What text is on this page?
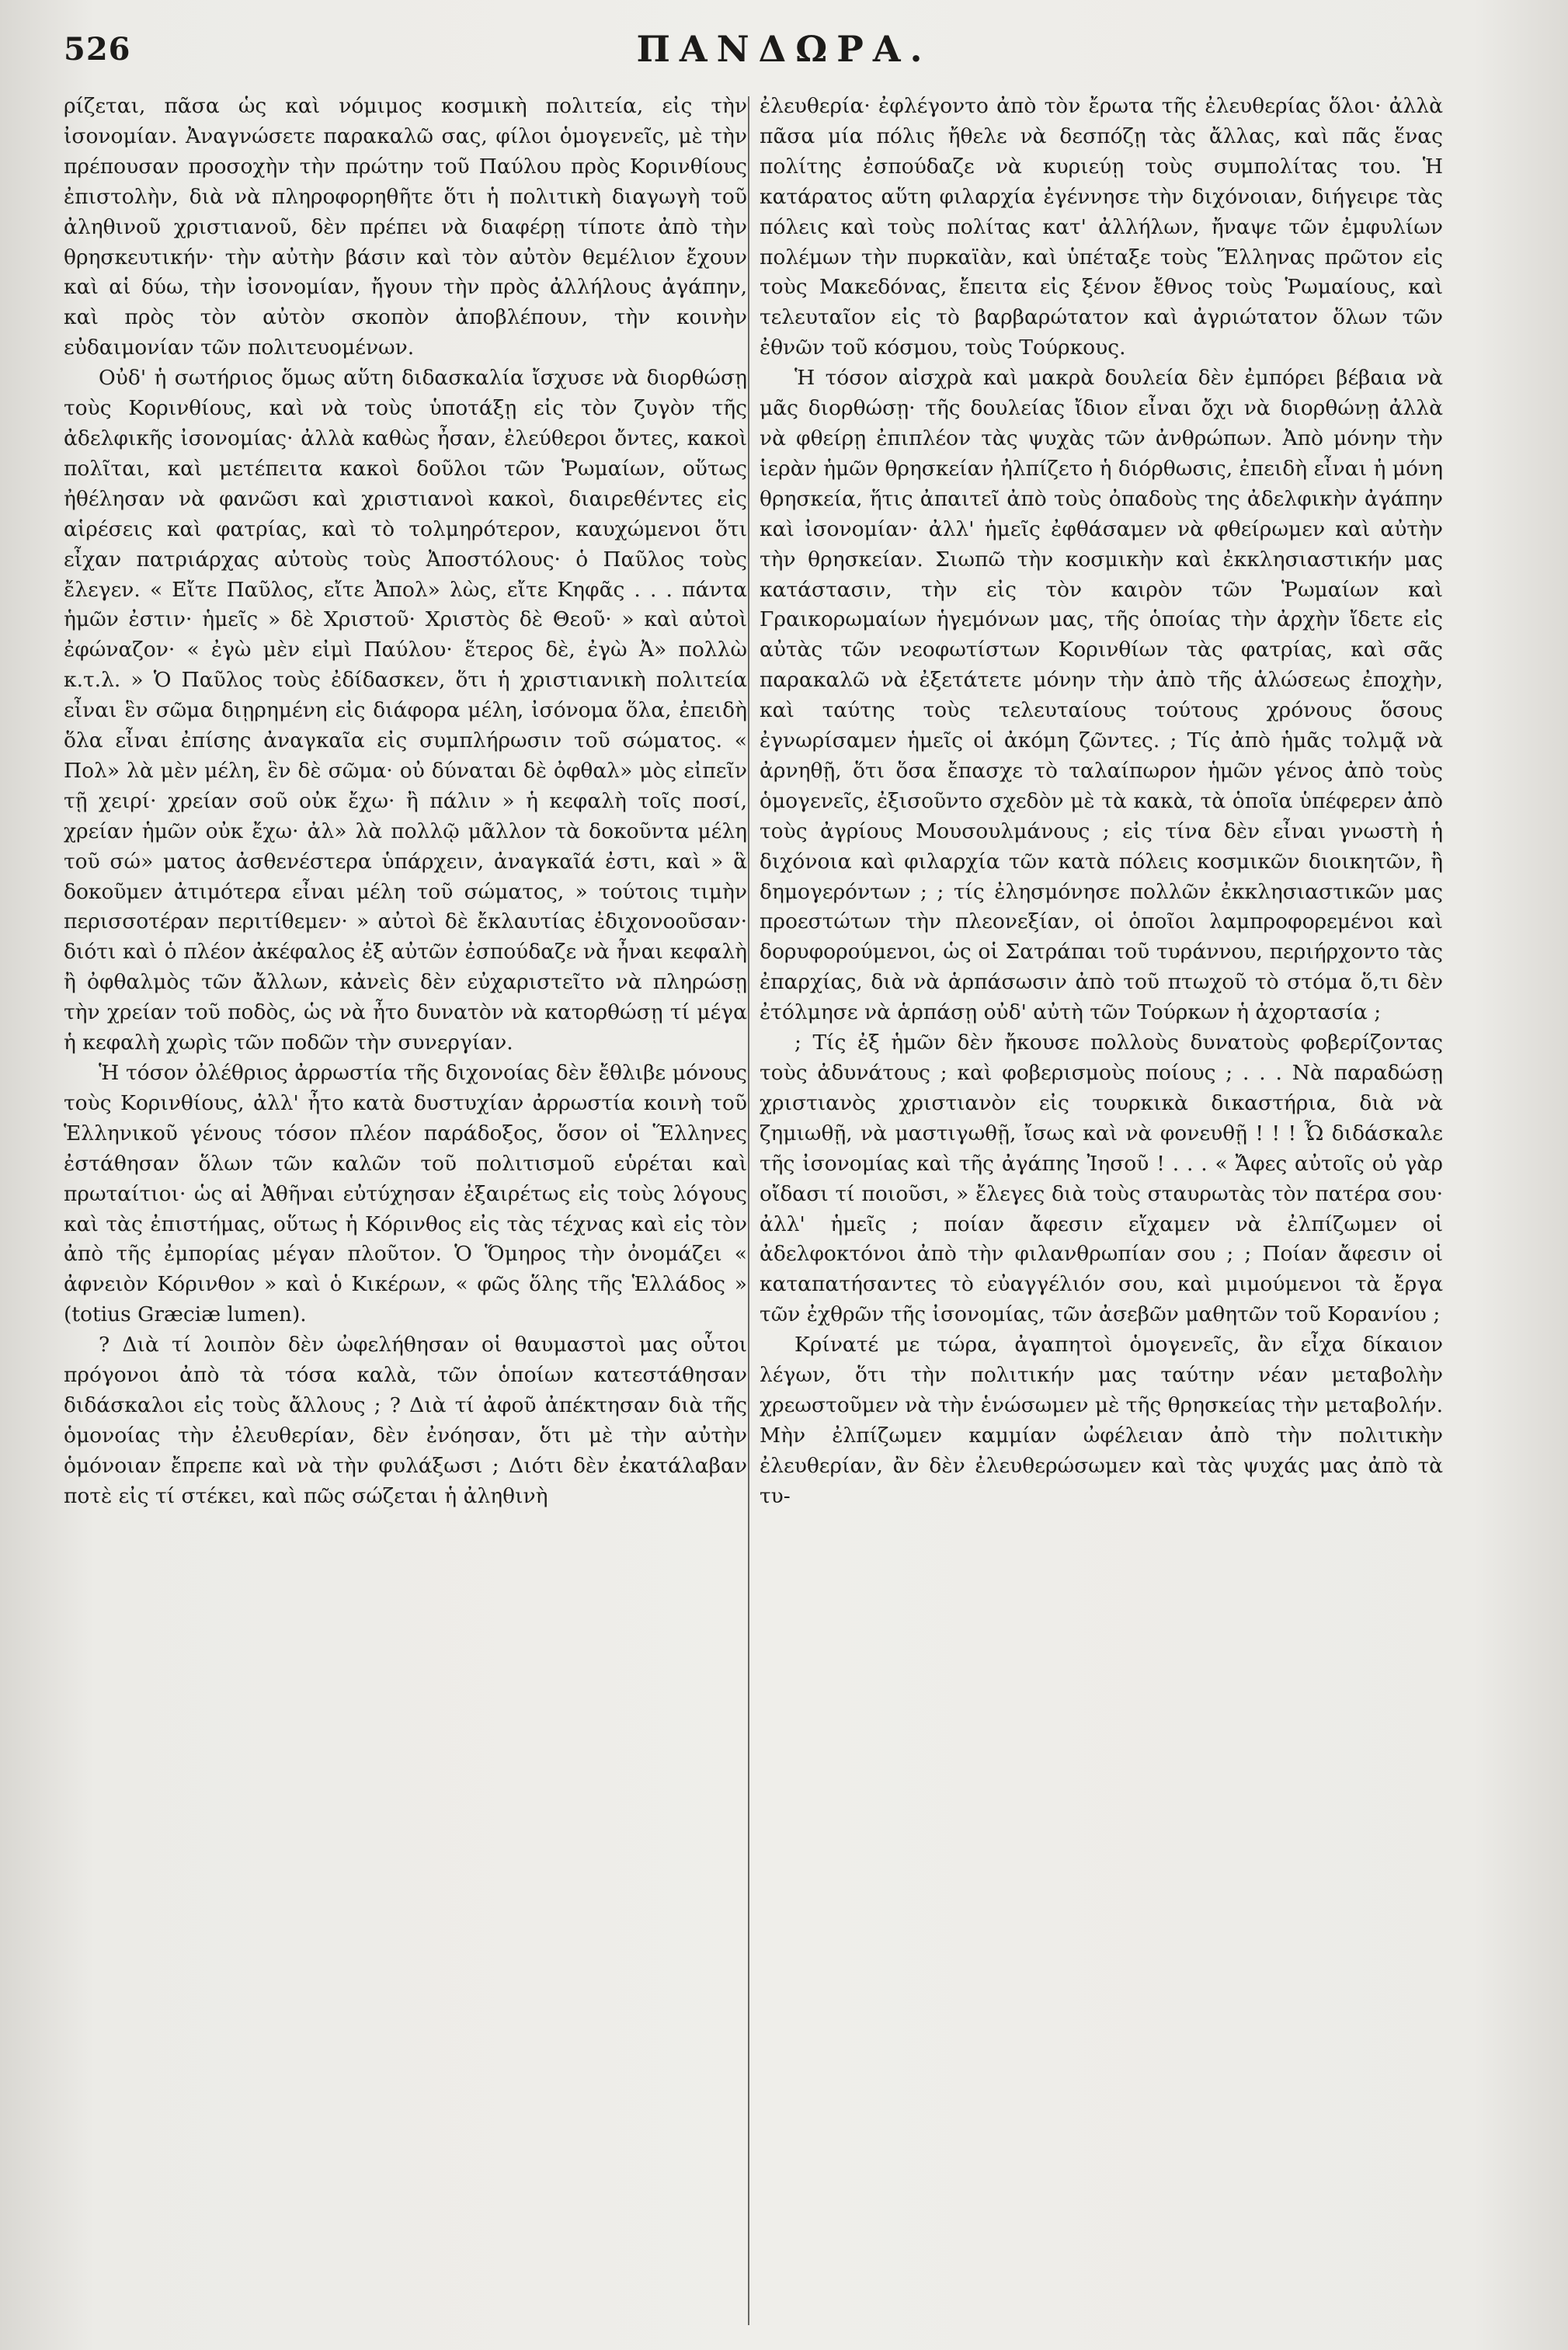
526	ΠΑΝΔΩΡΑ.

ρίζεται, πᾶσα ὡς καὶ νόμιμος κοσμικὴ πολιτεία, εἰς τὴν ἰσονομίαν. Ἀναγνώσετε παρακαλῶ σας, φίλοι ὁμογενεῖς, μὲ τὴν πρέπουσαν προσοχὴν τὴν πρώτην τοῦ Παύλου πρὸς Κορινθίους ἐπιστολὴν, διὰ νὰ πληροφορηθῆτε ὅτι ἡ πολιτικὴ διαγωγὴ τοῦ ἀληθινοῦ χριστιανοῦ, δὲν πρέπει νὰ διαφέρῃ τίποτε ἀπὸ τὴν θρησκευτικήν· τὴν αὐτὴν βάσιν καὶ τὸν αὐτὸν θεμέλιον ἔχουν καὶ αἱ δύω, τὴν ἰσονομίαν, ἤγουν τὴν πρὸς ἀλλήλους ἀγάπην, καὶ πρὸς τὸν αὐτὸν σκοπὸν ἀποβλέπουν, τὴν κοινὴν εὐδαιμονίαν τῶν πολιτευομένων.

Οὐδ' ἡ σωτήριος ὅμως αὕτη διδασκαλία ἴσχυσε νὰ διορθώσῃ τοὺς Κορινθίους, καὶ νὰ τοὺς ὑποτάξῃ εἰς τὸν ζυγὸν τῆς ἀδελφικῆς ἰσονομίας· ἀλλὰ καθὼς ἦσαν, ἐλεύθεροι ὄντες, κακοὶ πολῖται, καὶ μετέπειτα κακοὶ δοῦλοι τῶν Ῥωμαίων, οὕτως ἠθέλησαν νὰ φανῶσι καὶ χριστιανοὶ κακοὶ, διαιρεθέντες εἰς αἱρέσεις καὶ φατρίας, καὶ τὸ τολμηρότερον, καυχώμενοι ὅτι εἶχαν πατριάρχας αὐτοὺς τοὺς Ἀποστόλους· ὁ Παῦλος τοὺς ἔλεγεν. « Εἴτε Παῦλος, εἴτε Ἀπολ» λὼς, εἴτε Κηφᾶς . . . πάντα ἡμῶν ἐστιν· ἡμεῖς » δὲ Χριστοῦ· Χριστὸς δὲ Θεοῦ· » καὶ αὐτοὶ ἐφώναζον· « ἐγὼ μὲν εἰμὶ Παύλου· ἕτερος δὲ, ἐγὼ Ἀ» πολλὼ κ.τ.λ. » Ὁ Παῦλος τοὺς ἐδίδασκεν, ὅτι ἡ χριστιανικὴ πολιτεία εἶναι ἓν σῶμα διῃρημένη εἰς διάφορα μέλη, ἰσόνομα ὅλα, ἐπειδὴ ὅλα εἶναι ἐπίσης ἀναγκαῖα εἰς συμπλήρωσιν τοῦ σώματος. « Πολ» λὰ μὲν μέλη, ἓν δὲ σῶμα· οὐ δύναται δὲ ὀφθαλ» μὸς εἰπεῖν τῇ χειρί· χρείαν σοῦ οὐκ ἔχω· ἢ πάλιν » ἡ κεφαλὴ τοῖς ποσί, χρείαν ἡμῶν οὐκ ἔχω· ἀλ» λὰ πολλῷ μᾶλλον τὰ δοκοῦντα μέλη τοῦ σώ» ματος ἀσθενέστερα ὑπάρχειν, ἀναγκαῖά ἐστι, καὶ » ἃ δοκοῦμεν ἀτιμότερα εἶναι μέλη τοῦ σώματος, » τούτοις τιμὴν περισσοτέραν περιτίθεμεν· » αὐτοὶ δὲ ἔκλαυτίας ἐδιχονοοῦσαν· διότι καὶ ὁ πλέον ἀκέφαλος ἐξ αὐτῶν ἐσπούδαζε νὰ ἦναι κεφαλὴ ἢ ὀφθαλμὸς τῶν ἄλλων, κἀνεὶς δὲν εὐχαριστεῖτο νὰ πληρώσῃ τὴν χρείαν τοῦ ποδὸς, ὡς νὰ ἦτο δυνατὸν νὰ κατορθώσῃ τί μέγα ἡ κεφαλὴ χωρὶς τῶν ποδῶν τὴν συνεργίαν.

Ἡ τόσον ὀλέθριος ἀρρωστία τῆς διχονοίας δὲν ἔθλιβε μόνους τοὺς Κορινθίους, ἀλλ' ἦτο κατὰ δυστυχίαν ἀρρωστία κοινὴ τοῦ Ἑλληνικοῦ γένους τόσον πλέον παράδοξος, ὅσον οἱ Ἕλληνες ἐστάθησαν ὅλων τῶν καλῶν τοῦ πολιτισμοῦ εὑρέται καὶ πρωταίτιοι· ὡς αἱ Ἀθῆναι εὐτύχησαν ἐξαιρέτως εἰς τοὺς λόγους καὶ τὰς ἐπιστήμας, οὕτως ἡ Κόρινθος εἰς τὰς τέχνας καὶ εἰς τὸν ἀπὸ τῆς ἐμπορίας μέγαν πλοῦτον. Ὁ Ὅμηρος τὴν ὀνομάζει « ἀφνειὸν Κόρινθον » καὶ ὁ Κικέρων, « φῶς ὅλης τῆς Ἑλλάδος » (totius Græciæ lumen).

? Διὰ τί λοιπὸν δὲν ὠφελήθησαν οἱ θαυμαστοὶ μας οὗτοι πρόγονοι ἀπὸ τὰ τόσα καλὰ, τῶν ὁποίων κατεστάθησαν διδάσκαλοι εἰς τοὺς ἄλλους ; ? Διὰ τί ἀφοῦ ἀπέκτησαν διὰ τῆς ὁμονοίας τὴν ἐλευθερίαν, δὲν ἐνόησαν, ὅτι μὲ τὴν αὐτὴν ὁμόνοιαν ἔπρεπε καὶ νὰ τὴν φυλάξωσι ; Διότι δὲν ἐκατάλαβαν ποτὲ εἰς τί στέκει, καὶ πῶς σώζεται ἡ ἀληθινὴ

ἐλευθερία· ἐφλέγοντο ἀπὸ τὸν ἔρωτα τῆς ἐλευθερίας ὅλοι· ἀλλὰ πᾶσα μία πόλις ἤθελε νὰ δεσπόζῃ τὰς ἄλλας, καὶ πᾶς ἕνας πολίτης ἐσπούδαζε νὰ κυριεύῃ τοὺς συμπολίτας του. Ἡ κατάρατος αὕτη φιλαρχία ἐγέννησε τὴν διχόνοιαν, διήγειρε τὰς πόλεις καὶ τοὺς πολίτας κατ' ἀλλήλων, ἤναψε τῶν ἐμφυλίων πολέμων τὴν πυρκαϊὰν, καὶ ὑπέταξε τοὺς Ἕλληνας πρῶτον εἰς τοὺς Μακεδόνας, ἔπειτα εἰς ξένον ἔθνος τοὺς Ῥωμαίους, καὶ τελευταῖον εἰς τὸ βαρβαρώτατον καὶ ἀγριώτατον ὅλων τῶν ἐθνῶν τοῦ κόσμου, τοὺς Τούρκους.

Ἡ τόσον αἰσχρὰ καὶ μακρὰ δουλεία δὲν ἐμπόρει βέβαια νὰ μᾶς διορθώσῃ· τῆς δουλείας ἴδιον εἶναι ὄχι νὰ διορθώνῃ ἀλλὰ νὰ φθείρῃ ἐπιπλέον τὰς ψυχὰς τῶν ἀνθρώπων. Ἀπὸ μόνην τὴν ἱερὰν ἡμῶν θρησκείαν ἠλπίζετο ἡ διόρθωσις, ἐπειδὴ εἶναι ἡ μόνη θρησκεία, ἥτις ἀπαιτεῖ ἀπὸ τοὺς ὀπαδοὺς της ἀδελφικὴν ἀγάπην καὶ ἰσονομίαν· ἀλλ' ἡμεῖς ἐφθάσαμεν νὰ φθείρωμεν καὶ αὐτὴν τὴν θρησκείαν. Σιωπῶ τὴν κοσμικὴν καὶ ἐκκλησιαστικήν μας κατάστασιν, τὴν εἰς τὸν καιρὸν τῶν Ῥωμαίων καὶ Γραικορωμαίων ἡγεμόνων μας, τῆς ὁποίας τὴν ἀρχὴν ἴδετε εἰς αὐτὰς τῶν νεοφωτίστων Κορινθίων τὰς φατρίας, καὶ σᾶς παρακαλῶ νὰ ἐξετάτετε μόνην τὴν ἀπὸ τῆς ἁλώσεως ἐποχὴν, καὶ ταύτης τοὺς τελευταίους τούτους χρόνους ὅσους ἐγνωρίσαμεν ἡμεῖς οἱ ἀκόμη ζῶντες. ; Τίς ἀπὸ ἡμᾶς τολμᾷ νὰ ἀρνηθῇ, ὅτι ὅσα ἔπασχε τὸ ταλαίπωρον ἡμῶν γένος ἀπὸ τοὺς ὁμογενεῖς, ἐξισοῦντο σχεδὸν μὲ τὰ κακὰ, τὰ ὁποῖα ὑπέφερεν ἀπὸ τοὺς ἀγρίους Μουσουλμάνους ; εἰς τίνα δὲν εἶναι γνωστὴ ἡ διχόνοια καὶ φιλαρχία τῶν κατὰ πόλεις κοσμικῶν διοικητῶν, ἢ δημογερόντων ; ; τίς ἐλησμόνησε πολλῶν ἐκκλησιαστικῶν μας προεστώτων τὴν πλεονεξίαν, οἱ ὁποῖοι λαμπροφορεμένοι καὶ δορυφορούμενοι, ὡς οἱ Σατράπαι τοῦ τυράννου, περιήρχοντο τὰς ἐπαρχίας, διὰ νὰ ἁρπάσωσιν ἀπὸ τοῦ πτωχοῦ τὸ στόμα ὅ,τι δὲν ἐτόλμησε νὰ ἁρπάσῃ οὐδ' αὐτὴ τῶν Τούρκων ἡ ἀχορτασία ;

; Τίς ἐξ ἡμῶν δὲν ἤκουσε πολλοὺς δυνατοὺς φοβερίζοντας τοὺς ἀδυνάτους ; καὶ φοβερισμοὺς ποίους ; . . . Νὰ παραδώσῃ χριστιανὸς χριστιανὸν εἰς τουρκικὰ δικαστήρια, διὰ νὰ ζημιωθῇ, νὰ μαστιγωθῇ, ἴσως καὶ νὰ φονευθῇ ! ! ! Ὦ διδάσκαλε τῆς ἰσονομίας καὶ τῆς ἀγάπης Ἰησοῦ ! . . . « Ἄφες αὐτοῖς οὐ γὰρ οἴδασι τί ποιοῦσι, » ἔλεγες διὰ τοὺς σταυρωτὰς τὸν πατέρα σου· ἀλλ' ἡμεῖς ; ποίαν ἄφεσιν εἴχαμεν νὰ ἐλπίζωμεν οἱ ἀδελφοκτόνοι ἀπὸ τὴν φιλανθρωπίαν σου ; ; Ποίαν ἄφεσιν οἱ καταπατήσαντες τὸ εὐαγγέλιόν σου, καὶ μιμούμενοι τὰ ἔργα τῶν ἐχθρῶν τῆς ἰσονομίας, τῶν ἀσεβῶν μαθητῶν τοῦ Κορανίου ;

Κρίνατέ με τώρα, ἀγαπητοὶ ὁμογενεῖς, ἂν εἶχα δίκαιον λέγων, ὅτι τὴν πολιτικήν μας ταύτην νέαν μεταβολὴν χρεωστοῦμεν νὰ τὴν ἑνώσωμεν μὲ τῆς θρησκείας τὴν μεταβολήν. Μὴν ἐλπίζωμεν καμμίαν ὠφέλειαν ἀπὸ τὴν πολιτικὴν ἐλευθερίαν, ἂν δὲν ἐλευθερώσωμεν καὶ τὰς ψυχάς μας ἀπὸ τὰ τυ-
